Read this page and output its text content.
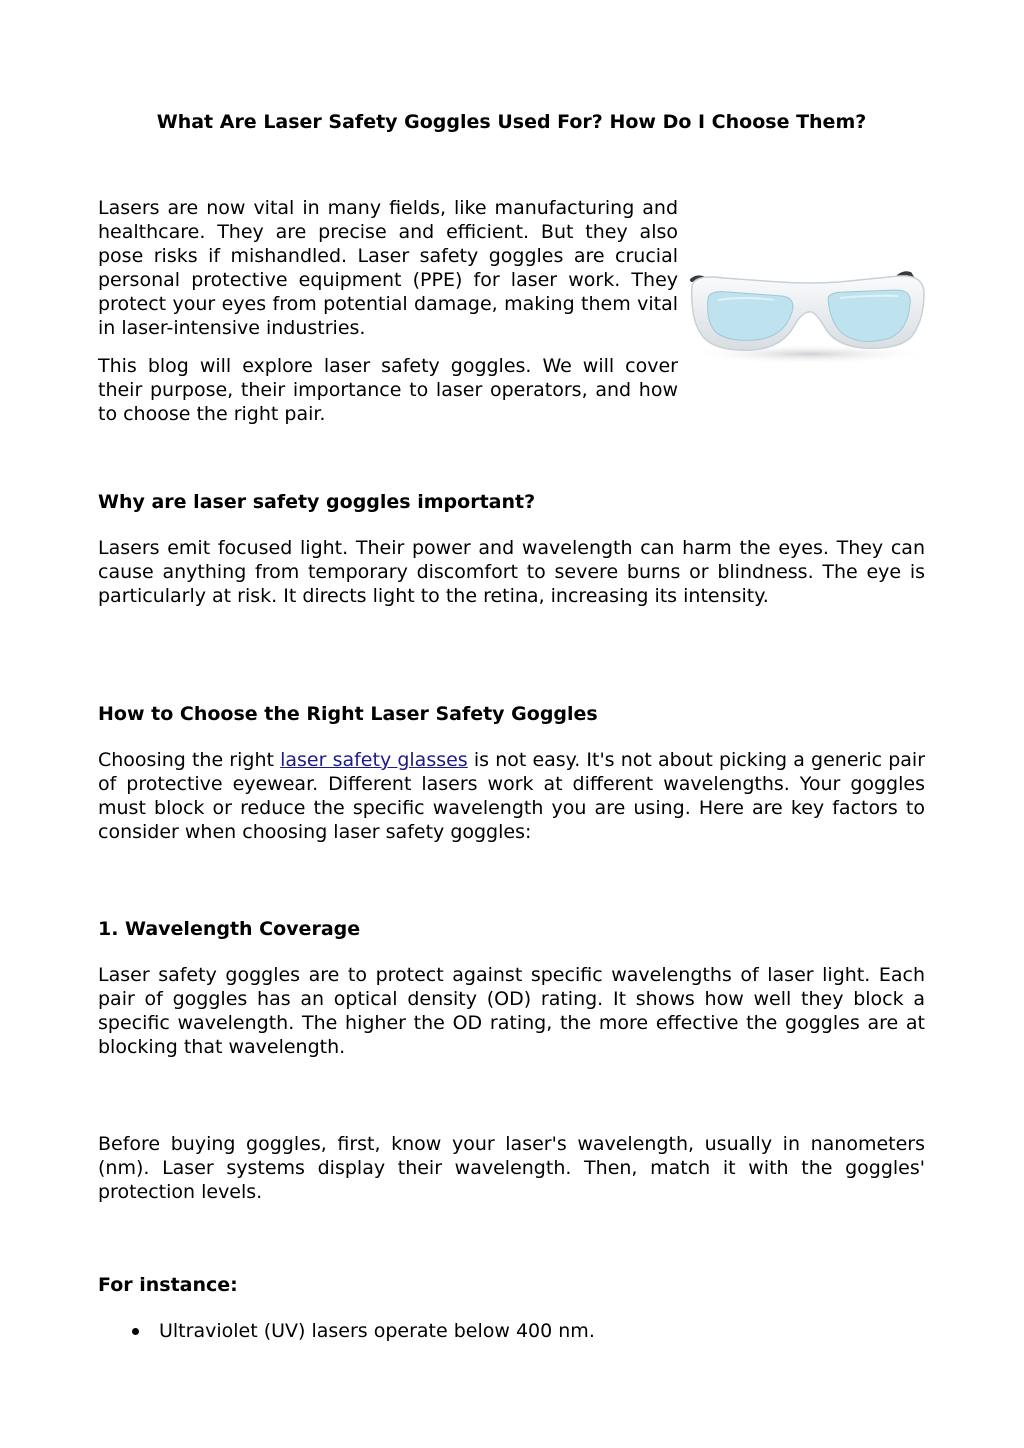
What Are Laser Safety Goggles Used For? How Do I Choose Them?

Lasers are now vital in many fields, like manufacturing and healthcare. They are precise and efficient. But they also pose risks if mishandled. Laser safety goggles are crucial personal protective equipment (PPE) for laser work. They protect your eyes from potential damage, making them vital in laser-intensive industries.

This blog will explore laser safety goggles. We will cover their purpose, their importance to laser operators, and how to choose the right pair.

Why are laser safety goggles important?

Lasers emit focused light. Their power and wavelength can harm the eyes. They can cause anything from temporary discomfort to severe burns or blindness. The eye is particularly at risk. It directs light to the retina, increasing its intensity.

How to Choose the Right Laser Safety Goggles

Choosing the right laser safety glasses is not easy. It's not about picking a generic pair of protective eyewear. Different lasers work at different wavelengths. Your goggles must block or reduce the specific wavelength you are using. Here are key factors to consider when choosing laser safety goggles:

1. Wavelength Coverage

Laser safety goggles are to protect against specific wavelengths of laser light. Each pair of goggles has an optical density (OD) rating. It shows how well they block a specific wavelength. The higher the OD rating, the more effective the goggles are at blocking that wavelength.

Before buying goggles, first, know your laser's wavelength, usually in nanometers (nm). Laser systems display their wavelength. Then, match it with the goggles' protection levels.

For instance:
Ultraviolet (UV) lasers operate below 400 nm.
